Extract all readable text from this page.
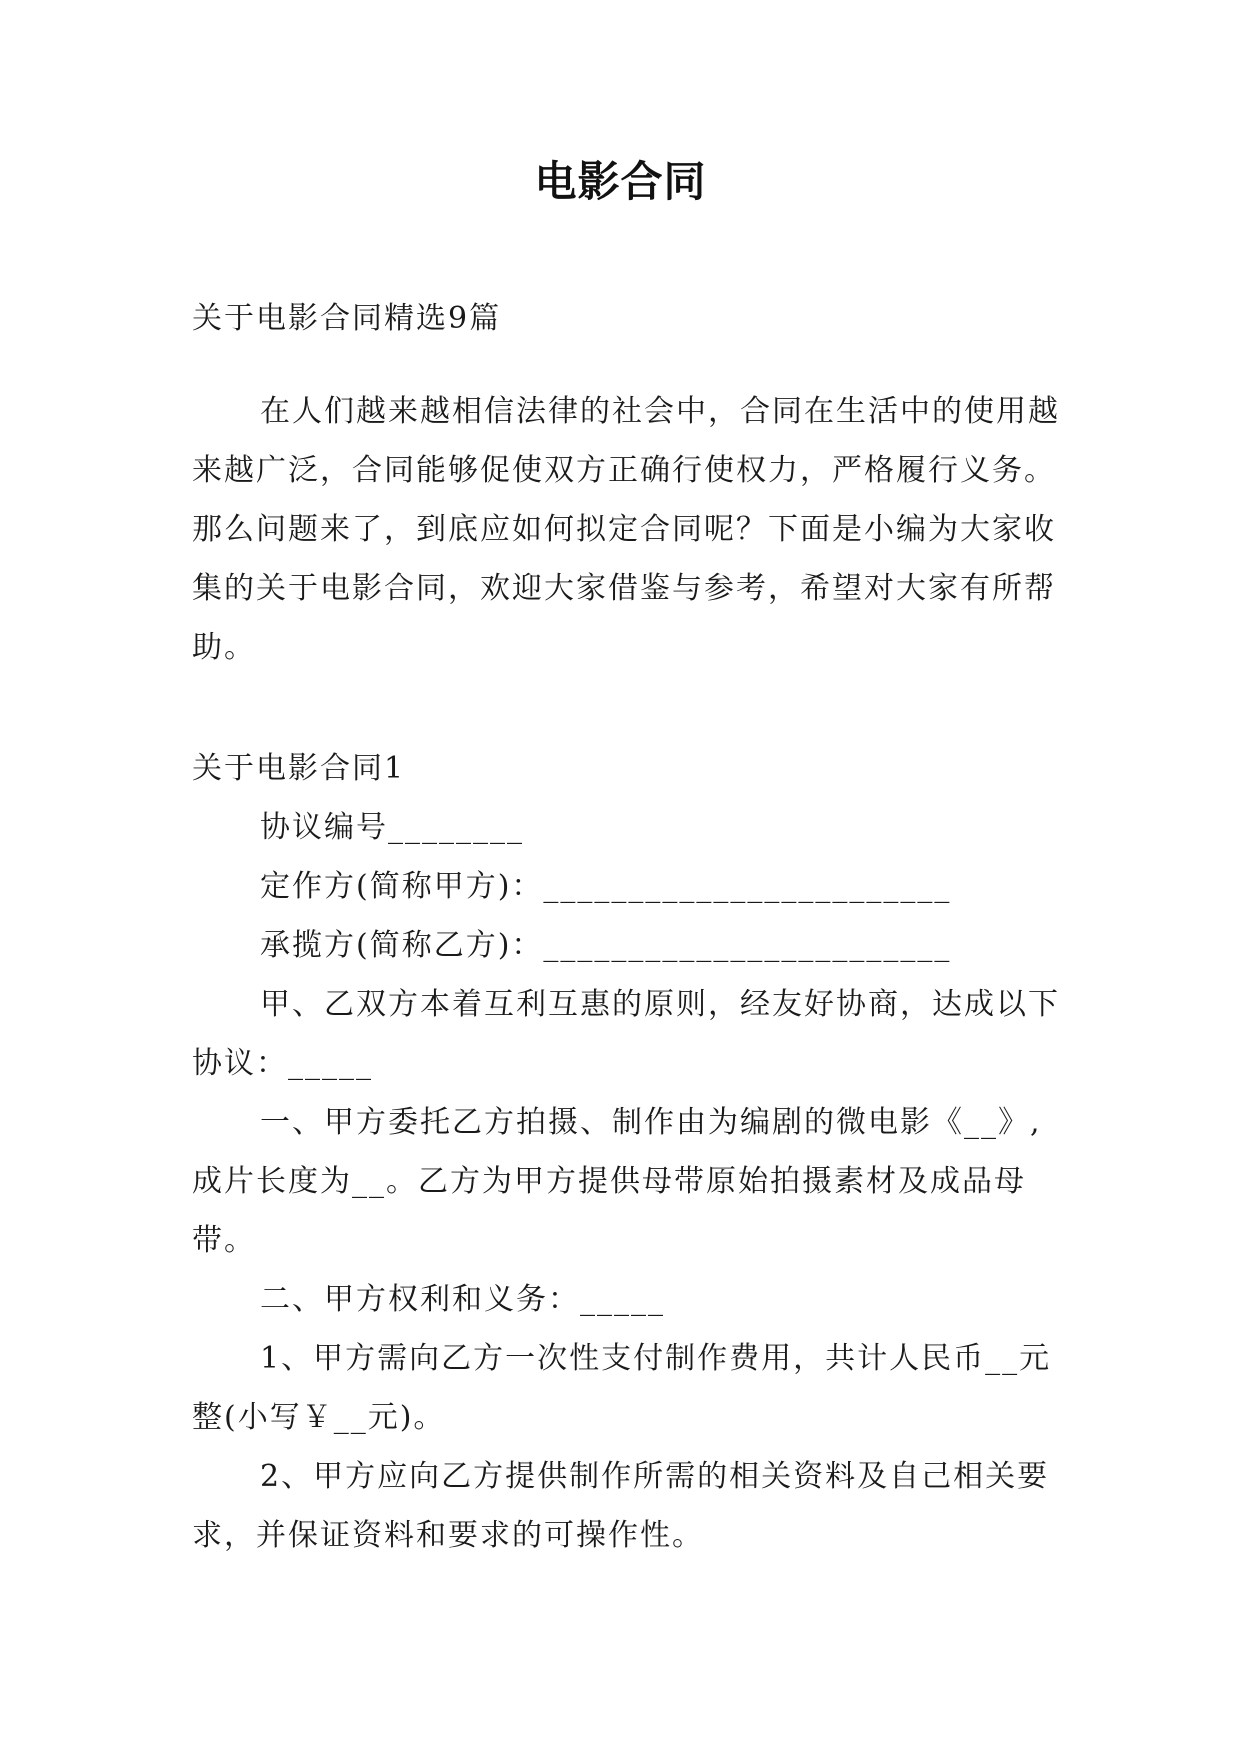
电影合同

关于电影合同精选9篇

在人们越来越相信法律的社会中，合同在生活中的使用越来越广泛，合同能够促使双方正确行使权力，严格履行义务。那么问题来了，到底应如何拟定合同呢？下面是小编为大家收集的关于电影合同，欢迎大家借鉴与参考，希望对大家有所帮助。

关于电影合同1

协议编号________

定作方(简称甲方)：________________________

承揽方(简称乙方)：________________________

甲、乙双方本着互利互惠的原则，经友好协商，达成以下协议：_____

一、甲方委托乙方拍摄、制作由为编剧的微电影《__》,成片长度为__。乙方为甲方提供母带原始拍摄素材及成品母带。

二、甲方权利和义务：_____

1、甲方需向乙方一次性支付制作费用，共计人民币__元整(小写￥__元)。

2、甲方应向乙方提供制作所需的相关资料及自己相关要求，并保证资料和要求的可操作性。
